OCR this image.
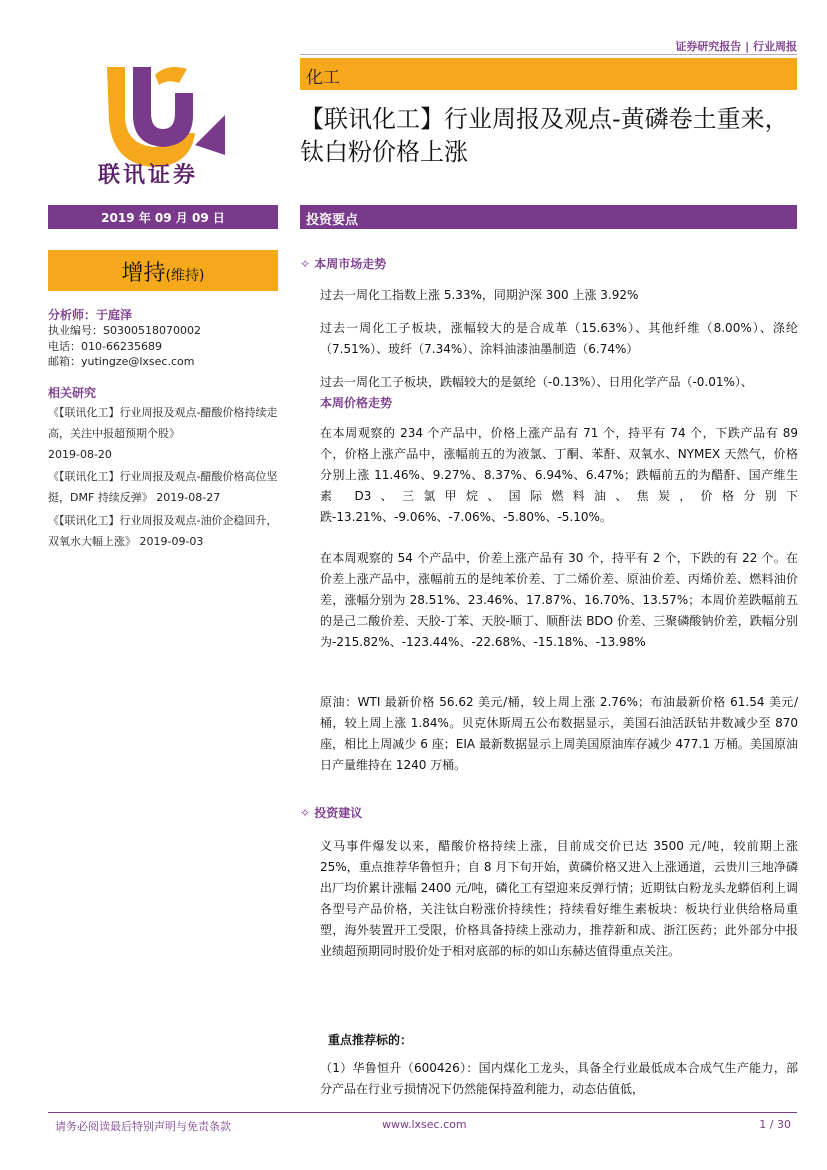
证券研究报告 | 行业周报
联讯证券
化工
【联讯化工】行业周报及观点-黄磷卷土重来，钛白粉价格上涨
2019 年 09 月 09 日	投资要点
增持(维持)
分析师：于庭泽
执业编号：S0300518070002
电话：010-66235689
邮箱：yutingze@lxsec.com
相关研究
《【联讯化工】行业周报及观点-醋酸价格持续走高，关注中报超预期个股》
2019-08-20
《【联讯化工】行业周报及观点-醋酸价格高位坚挺，DMF 持续反弹》 2019-08-27
《【联讯化工】行业周报及观点-油价企稳回升，双氧水大幅上涨》 2019-09-03
✧ 本周市场走势
过去一周化工指数上涨 5.33%，同期沪深 300 上涨 3.92%
过去一周化工子板块，涨幅较大的是合成革（15.63%）、其他纤维（8.00%）、涤纶（7.51%）、玻纤（7.34%）、涂料油漆油墨制造（6.74%）
过去一周化工子板块，跌幅较大的是氨纶（-0.13%）、日用化学产品（-0.01%）、
本周价格走势
在本周观察的 234 个产品中，价格上涨产品有 71 个，持平有 74 个，下跌产品有 89 个，价格上涨产品中，涨幅前五的为液氯、丁酮、苯酐、双氧水、NYMEX 天然气，价格分别上涨 11.46%、9.27%、8.37%、6.94%、6.47%；跌幅前五的为醋酐、国产维生素 D3、三氯甲烷、国际燃料油、焦炭，价格分别下跌-13.21%、-9.06%、-7.06%、-5.80%、-5.10%。
在本周观察的 54 个产品中，价差上涨产品有 30 个，持平有 2 个，下跌的有 22 个。在价差上涨产品中，涨幅前五的是纯苯价差、丁二烯价差、原油价差、丙烯价差、燃料油价差，涨幅分别为 28.51%、23.46%、17.87%、16.70%、13.57%；本周价差跌幅前五的是己二酸价差、天胶-丁苯、天胶-顺丁、顺酐法 BDO 价差、三聚磷酸钠价差，跌幅分别为-215.82%、-123.44%、-22.68%、-15.18%、-13.98%
原油：WTI 最新价格 56.62 美元/桶，较上周上涨 2.76%；布油最新价格 61.54 美元/桶，较上周上涨 1.84%。贝克休斯周五公布数据显示，美国石油活跃钻井数减少至 870 座，相比上周减少 6 座；EIA 最新数据显示上周美国原油库存减少 477.1 万桶。美国原油日产量维持在 1240 万桶。
✧ 投资建议
义马事件爆发以来，醋酸价格持续上涨，目前成交价已达 3500 元/吨，较前期上涨 25%，重点推荐华鲁恒升；自 8 月下旬开始，黄磷价格又进入上涨通道，云贵川三地净磷出厂均价累计涨幅 2400 元/吨，磷化工有望迎来反弹行情；近期钛白粉龙头龙蟒佰利上调各型号产品价格，关注钛白粉涨价持续性；持续看好维生素板块：板块行业供给格局重塑，海外装置开工受限，价格具备持续上涨动力，推荐新和成、浙江医药；此外部分中报业绩超预期同时股价处于相对底部的标的如山东赫达值得重点关注。
重点推荐标的：
（1）华鲁恒升（600426）：国内煤化工龙头，具备全行业最低成本合成气生产能力，部分产品在行业亏损情况下仍然能保持盈利能力，动态估值低，
请务必阅读最后特别声明与免责条款	www.lxsec.com	1 / 30
